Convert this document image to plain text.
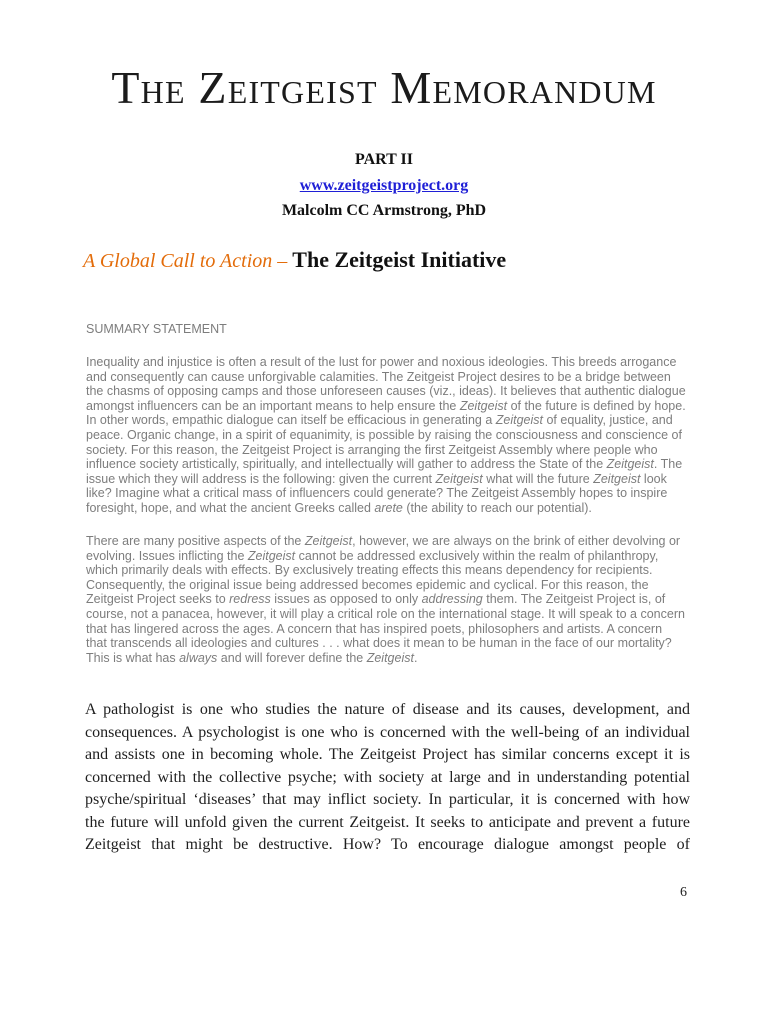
The Zeitgeist Memorandum
PART II
www.zeitgeistproject.org
Malcolm CC Armstrong, PhD
A Global Call to Action – The Zeitgeist Initiative
SUMMARY STATEMENT
Inequality and injustice is often a result of the lust for power and noxious ideologies. This breeds arrogance
and consequently can cause unforgivable calamities. The Zeitgeist Project desires to be a bridge between
the chasms of opposing camps and those unforeseen causes (viz., ideas). It believes that authentic dialogue
amongst influencers can be an important means to help ensure the Zeitgeist of the future is defined by hope.
In other words, empathic dialogue can itself be efficacious in generating a Zeitgeist of equality, justice, and
peace. Organic change, in a spirit of equanimity, is possible by raising the consciousness and conscience of
society. For this reason, the Zeitgeist Project is arranging the first Zeitgeist Assembly where people who
influence society artistically, spiritually, and intellectually will gather to address the State of the Zeitgeist. The
issue which they will address is the following: given the current Zeitgeist what will the future Zeitgeist look
like? Imagine what a critical mass of influencers could generate? The Zeitgeist Assembly hopes to inspire
foresight, hope, and what the ancient Greeks called arete (the ability to reach our potential).
There are many positive aspects of the Zeitgeist, however, we are always on the brink of either devolving or
evolving. Issues inflicting the Zeitgeist cannot be addressed exclusively within the realm of philanthropy,
which primarily deals with effects. By exclusively treating effects this means dependency for recipients.
Consequently, the original issue being addressed becomes epidemic and cyclical. For this reason, the
Zeitgeist Project seeks to redress issues as opposed to only addressing them. The Zeitgeist Project is, of
course, not a panacea, however, it will play a critical role on the international stage. It will speak to a concern
that has lingered across the ages. A concern that has inspired poets, philosophers and artists. A concern
that transcends all ideologies and cultures . . . what does it mean to be human in the face of our mortality?
This is what has always and will forever define the Zeitgeist.
A pathologist is one who studies the nature of disease and its causes, development, and
consequences. A psychologist is one who is concerned with the well-being of an individual
and assists one in becoming whole. The Zeitgeist Project has similar concerns except it is
concerned with the collective psyche; with society at large and in understanding potential
psyche/spiritual ‘diseases’ that may inflict society. In particular, it is concerned with how
the future will unfold given the current Zeitgeist. It seeks to anticipate and prevent a future
Zeitgeist that might be destructive. How? To encourage dialogue amongst people of
6
